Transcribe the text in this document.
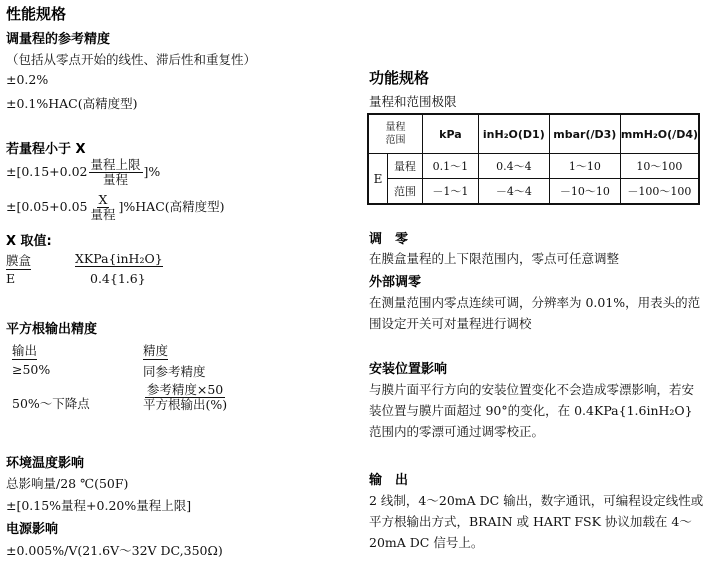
性能规格
调量程的参考精度
（包括从零点开始的线性、滞后性和重复性）
±0.2%
±0.1%HAC(高精度型)
若量程小于 X
$\pm[0.15+0.02 \frac{\text{量程上限}}{\text{量程}}$ ]%
$\pm[0.05+0.05 \frac{X}{\text{量程}} ]\%HAC$(高精度型)
X 取值:
膜盒	XKPa{inH₂O}
E	0.4{1.6}
平方根输出精度
输出	精度
≥50%	同参考精度
50%～下降点	$\frac{\text{参考精度×50}}{\text{平方根输出(\%)}}$
环境温度影响
总影响量/28 ℃(50F)
±[0.15%量程+0.20%量程上限]
电源影响
±0.005%/V(21.6V～32V DC,350Ω)
功能规格
量程和范围极限
量程
范围		kPa	inH₂O(D1)	mbar(/D3)	mmH₂O(/D4)
E	量程	0.1～1	0.4～4	1～10	10～100
	范围	－1～1	－4～4	－10～10	－100～100
调　零
在膜盒量程的上下限范围内，零点可任意调整
外部调零
在测量范围内零点连续可调，分辨率为 0.01%，用表头的范围设定开关可对量程进行调校
安装位置影响
与膜片面平行方向的安装位置变化不会造成零漂影响，若安装位置与膜片面超过 90°的变化，在 0.4KPa{1.6inH₂O}范围内的零漂可通过调零校正。
输　出
2 线制，4～20mA DC 输出，数字通讯，可编程设定线性或平方根输出方式，BRAIN 或 HART FSK 协议加载在 4～20mA DC 信号上。
